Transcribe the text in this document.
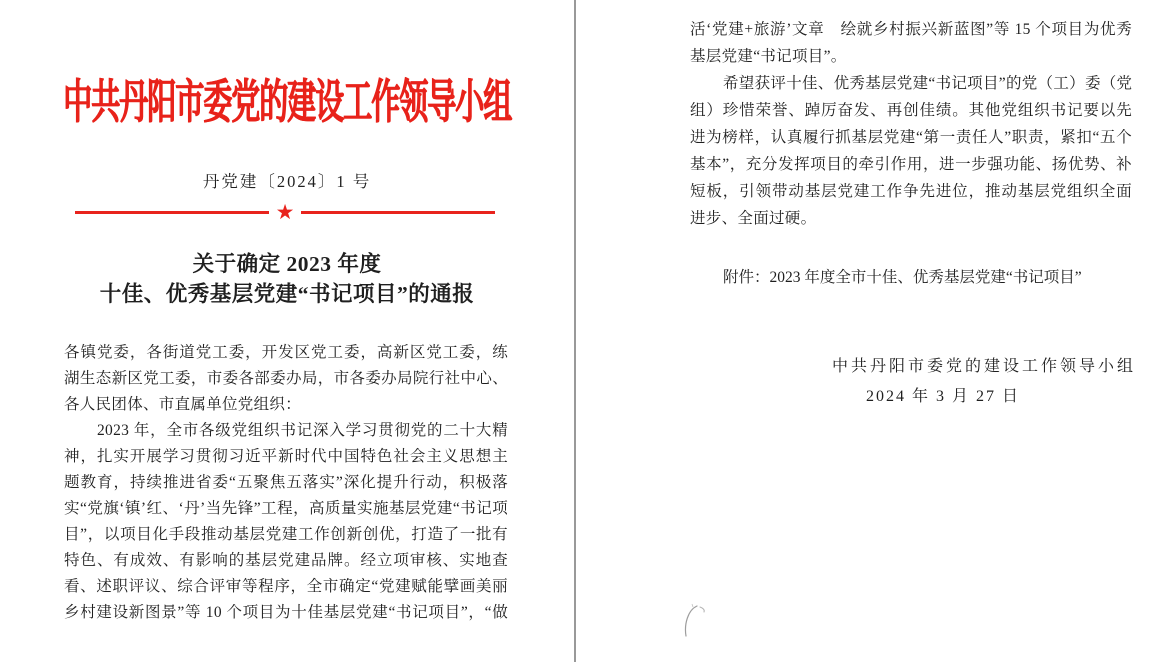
中共丹阳市委党的建设工作领导小组
丹党建〔2024〕1 号
★
关于确定 2023 年度
十佳、优秀基层党建“书记项目”的通报
各镇党委，各街道党工委，开发区党工委，高新区党工委，练
湖生态新区党工委，市委各部委办局，市各委办局院行社中心、
各人民团体、市直属单位党组织：
2023 年，全市各级党组织书记深入学习贯彻党的二十大精
神，扎实开展学习贯彻习近平新时代中国特色社会主义思想主
题教育，持续推进省委“五聚焦五落实”深化提升行动，积极落
实“党旗‘镇’红、‘丹’当先锋”工程，高质量实施基层党建“书记项
目”，以项目化手段推动基层党建工作创新创优，打造了一批有
特色、有成效、有影响的基层党建品牌。经立项审核、实地查
看、述职评议、综合评审等程序，全市确定“党建赋能擘画美丽
乡村建设新图景”等 10 个项目为十佳基层党建“书记项目”，“做
活‘党建+旅游’文章　绘就乡村振兴新蓝图”等 15 个项目为优秀
基层党建“书记项目”。
希望获评十佳、优秀基层党建“书记项目”的党（工）委（党
组）珍惜荣誉、踔厉奋发、再创佳绩。其他党组织书记要以先
进为榜样，认真履行抓基层党建“第一责任人”职责，紧扣“五个
基本”，充分发挥项目的牵引作用，进一步强功能、扬优势、补
短板，引领带动基层党建工作争先进位，推动基层党组织全面
进步、全面过硬。
附件：2023 年度全市十佳、优秀基层党建“书记项目”
中共丹阳市委党的建设工作领导小组
2024 年 3 月 27 日
